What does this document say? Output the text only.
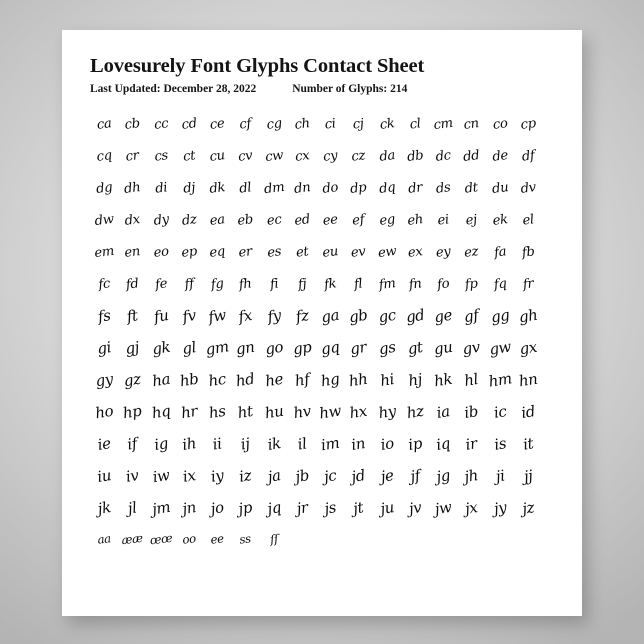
Lovesurely Font Glyphs Contact Sheet
Last Updated: December 28, 2022	Number of Glyphs: 214
ca cb cc cd ce	cf	cg ch	ci	cj	ck	cl cm cn co cp
cq cr	cs	ct cu cv cw cx cy cz da db dc dd de df
dg dh di	dj dk dl dm dn do dp dq dr ds dt du dv
dw dx dy dz ea eb ec ed ee	ef eg eh	ei	ej	ek	el
em en eo ep eq er es	et eu ev ew ex ey ez	fa	fb
fc	fd	fe	ff	fg	fh	fi	fj	fk	fl	fm fn	fo	fp	fq	fr
fs ft fu fv fw fx fy fz ga gb gc gd ge gf gg gh
gi gj gk gl gm gn go gp gq gr gs gt gu gv gw gx
gy gz ha hb hc hd he hf hg hh hi hj hk hl hm hn
ho hp hq hr hs ht hu hv hw hx hy hz ia ib ic id
ie if ig ih ii	ij ik il im in io ip iq ir is it
iu iv iw ix iy iz ja jb jc jd je jf jg jh ji	jj
jk jl jm jn jo jp jq jr js jt ju jv jw jx jy jz
aa ææ œœ oo	ee	ss	ſſ
